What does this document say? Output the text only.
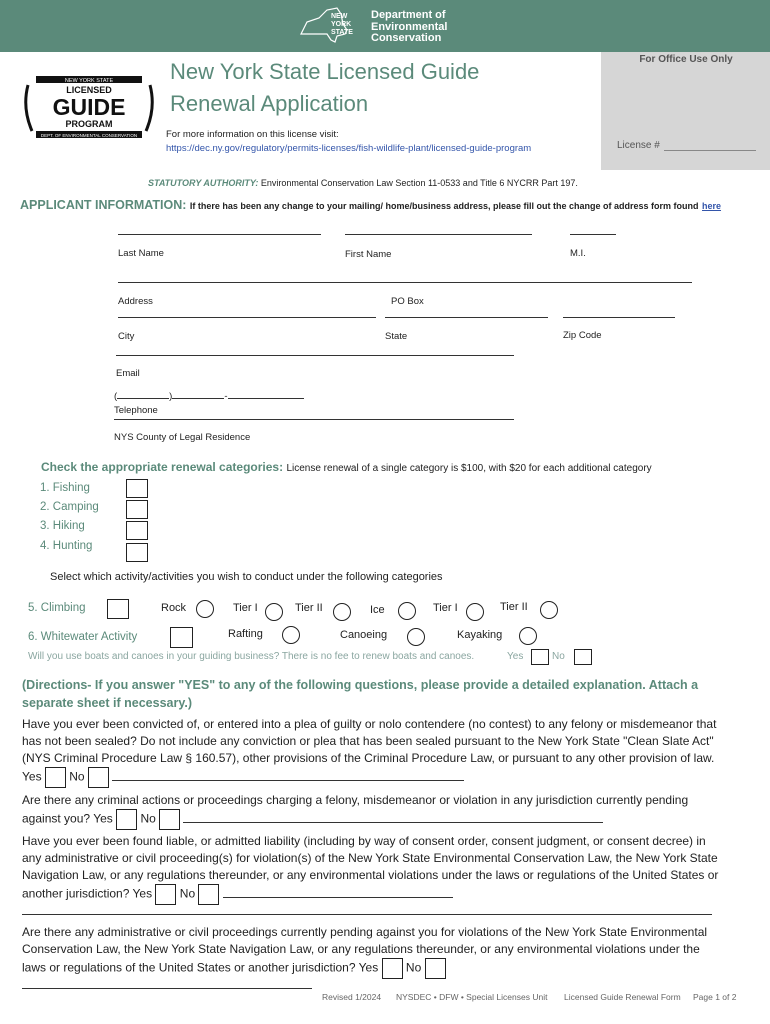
NEW
YORK
STATE
Department of
Environmental
Conservation
For Office Use Only
License #
NEW YORK STATE
LICENSED
GUIDE
PROGRAM
DEPT. OF ENVIRONMENTAL CONSERVATION
New York State Licensed Guide
Renewal Application
For more information on this license visit:
https://dec.ny.gov/regulatory/permits-licenses/fish-wildlife-plant/licensed-guide-program
STATUTORY AUTHORITY: Environmental Conservation Law Section 11-0533 and Title 6 NYCRR Part 197.
APPLICANT INFORMATION: If there has been any change to your mailing/ home/business address, please fill out the change of address form found here
Last Name	First Name	M.I.
Address	PO Box
City	State	Zip Code
Email
(	)	-
Telephone
NYS County of Legal Residence
Check the appropriate renewal categories: License renewal of a single category is $100, with $20 for each additional category
1. Fishing
2. Camping
3. Hiking
4. Hunting
Select which activity/activities you wish to conduct under the following categories
5. Climbing	Rock	Tier I	Tier II	Ice	Tier I	Tier II
6. Whitewater Activity	Rafting	Canoeing	Kayaking
Will you use boats and canoes in your guiding business? There is no fee to renew boats and canoes.	Yes	No
(Directions- If you answer "YES" to any of the following questions, please provide a detailed explanation. Attach a separate sheet if necessary.)
Have you ever been convicted of, or entered into a plea of guilty or nolo contendere (no contest) to any felony or misdemeanor that has not been sealed? Do not include any conviction or plea that has been sealed pursuant to the New York State "Clean Slate Act" (NYS Criminal Procedure Law § 160.57), other provisions of the Criminal Procedure Law, or pursuant to any other provision of law. Yes No
Are there any criminal actions or proceedings charging a felony, misdemeanor or violation in any jurisdiction currently pending against you? Yes No
Have you ever been found liable, or admitted liability (including by way of consent order, consent judgment, or consent decree) in any administrative or civil proceeding(s) for violation(s) of the New York State Environmental Conservation Law, the New York State Navigation Law, or any regulations thereunder, or any environmental violations under the laws or regulations of the United States or another jurisdiction? Yes No
Are there any administrative or civil proceedings currently pending against you for violations of the New York State Environmental Conservation Law, the New York State Navigation Law, or any regulations thereunder, or any environmental violations under the laws or regulations of the United States or another jurisdiction? Yes No
Revised 1/2024 NYSDEC • DFW • Special Licenses Unit Licensed Guide Renewal Form Page 1 of 2
